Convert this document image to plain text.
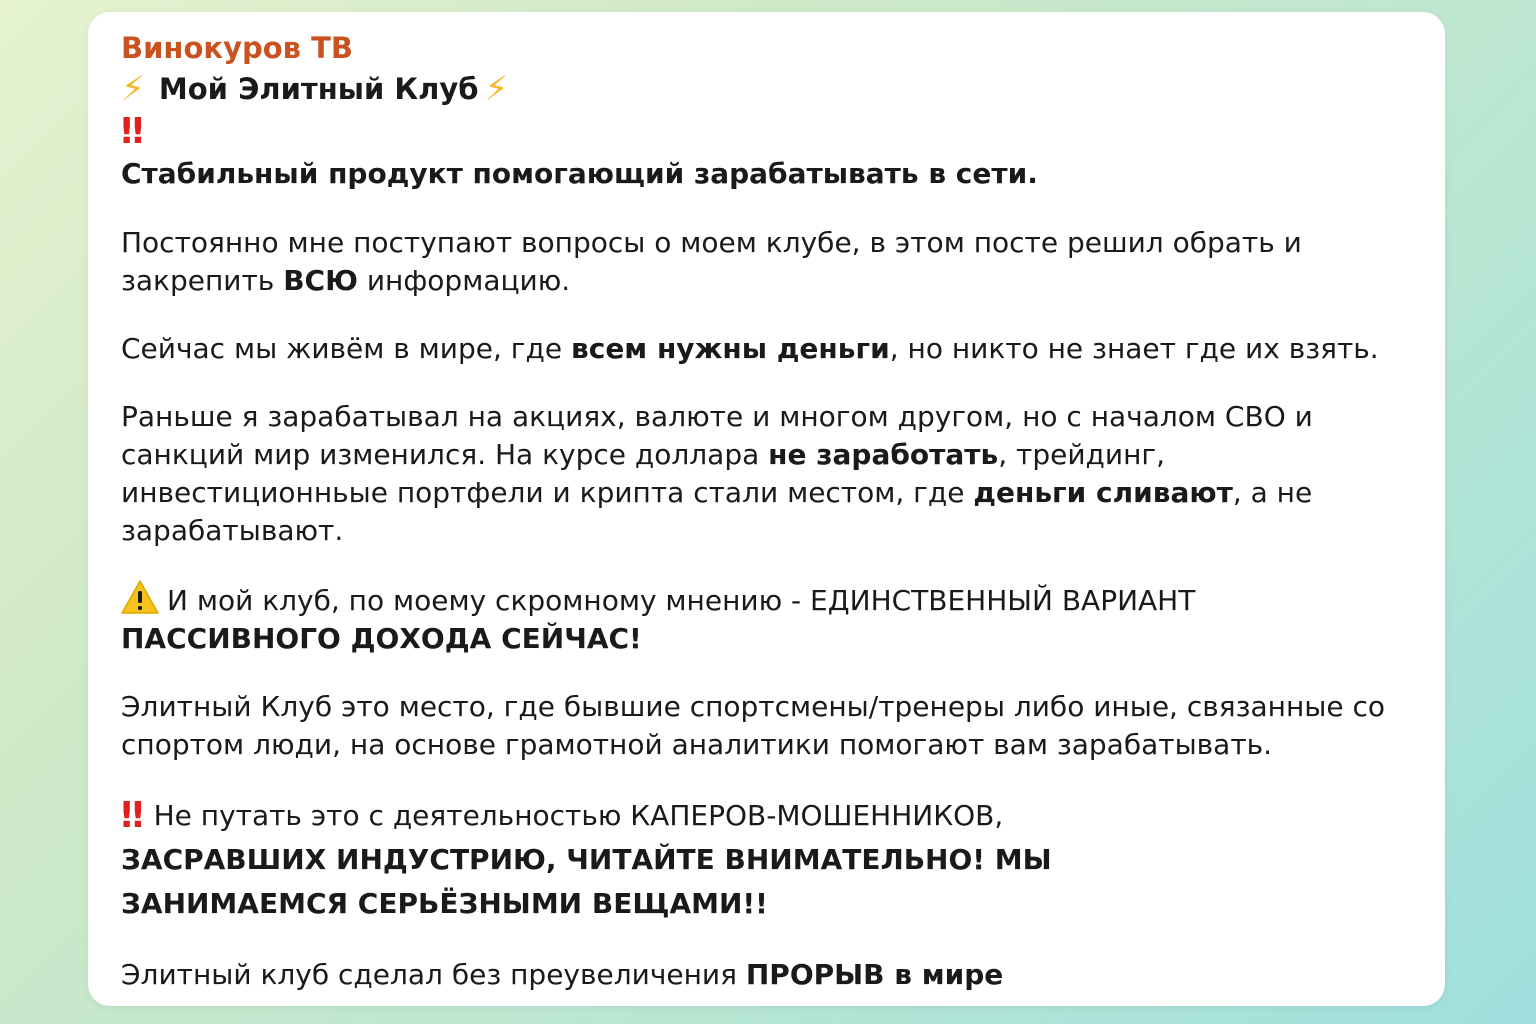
Винокуров ТВ
⚡ Мой Элитный Клуб ⚡
‼
Стабильный продукт помогающий зарабатывать в сети.

Постоянно мне поступают вопросы о моем клубе, в этом посте решил обрать и закрепить ВСЮ информацию.

Сейчас мы живём в мире, где всем нужны деньги, но никто не знает где их взять.

Раньше я зарабатывал на акциях, валюте и многом другом, но с началом СВО и санкций мир изменился. На курсе доллара не заработать, трейдинг, инвестиционньые портфели и крипта стали местом, где деньги сливают, а не зарабатывают.

И мой клуб, по моему скромному мнению - ЕДИНСТВЕННЫЙ ВАРИАНТ ПАССИВНОГО ДОХОДА СЕЙЧАС!

Элитный Клуб это место, где бывшие спортсмены/тренеры либо иные, связанные со спортом люди, на основе грамотной аналитики помогают вам зарабатывать.

‼ Не путать это с деятельностью КАПЕРОВ-МОШЕННИКОВ,
ЗАСРАВШИХ ИНДУСТРИЮ, ЧИТАЙТЕ ВНИМАТЕЛЬНО! МЫ
ЗАНИМАЕМСЯ СЕРЬЁЗНЫМИ ВЕЩАМИ!!

Элитный клуб сделал без преувеличения ПРОРЫВ в мире
